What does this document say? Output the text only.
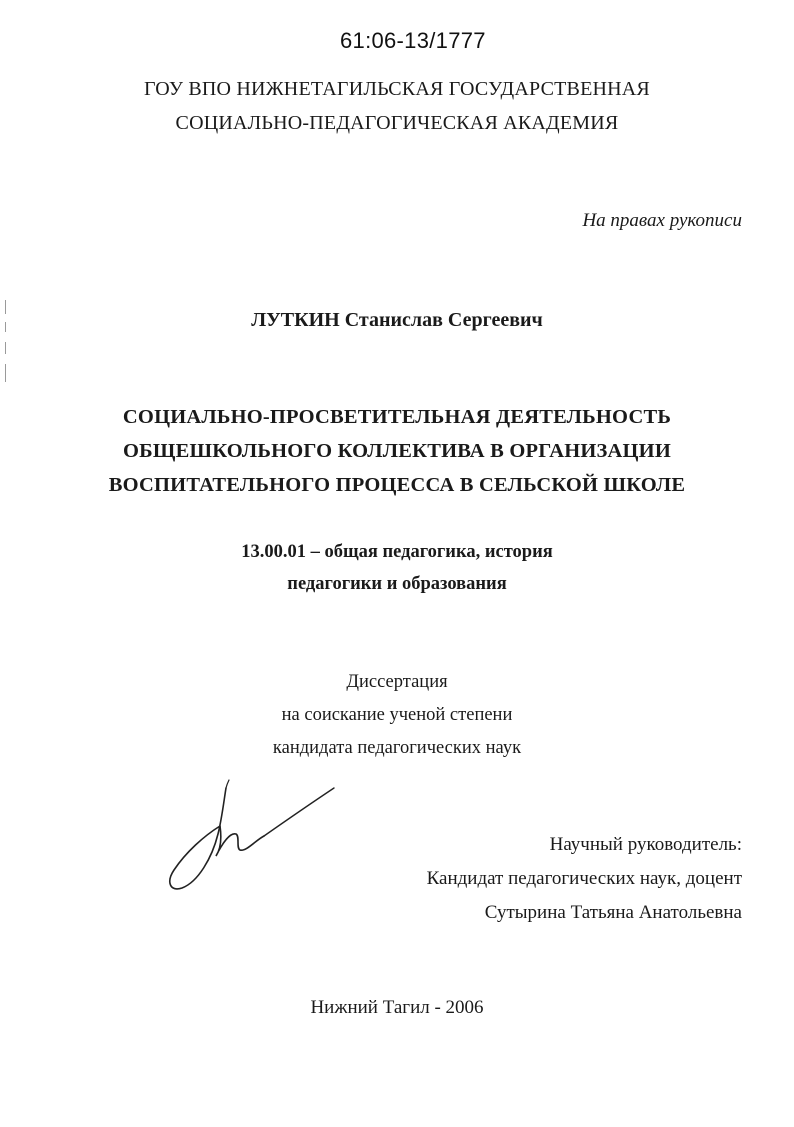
61:06-13/1777
ГОУ ВПО НИЖНЕТАГИЛЬСКАЯ ГОСУДАРСТВЕННАЯ
СОЦИАЛЬНО-ПЕДАГОГИЧЕСКАЯ АКАДЕМИЯ
На правах рукописи
ЛУТКИН Станислав Сергеевич
СОЦИАЛЬНО-ПРОСВЕТИТЕЛЬНАЯ ДЕЯТЕЛЬНОСТЬ
ОБЩЕШКОЛЬНОГО КОЛЛЕКТИВА В ОРГАНИЗАЦИИ
ВОСПИТАТЕЛЬНОГО ПРОЦЕССА В СЕЛЬСКОЙ ШКОЛЕ
13.00.01 – общая педагогика, история
педагогики и образования
Диссертация
на соискание ученой степени
кандидата педагогических наук
Научный руководитель:
Кандидат педагогических наук, доцент
Сутырина Татьяна Анатольевна
Нижний Тагил - 2006
